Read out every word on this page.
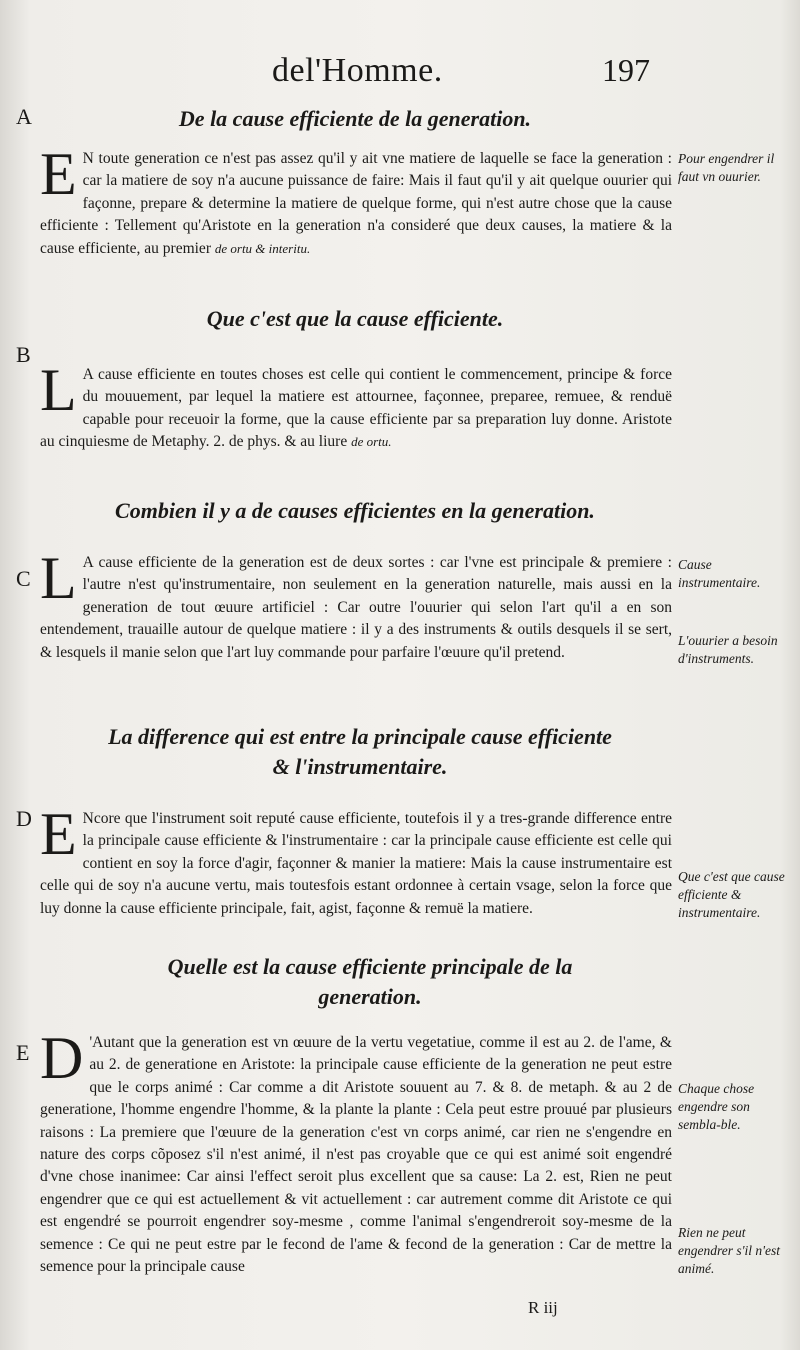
del'Homme.	197
A	De la cause efficiente de la generation.
E N toute generation ce n'est pas assez qu'il y ait vne matiere de laquelle se face la generation : car la matiere de soy n'a aucune puissance de faire: Mais il faut qu'il y ait quelque ouurier qui façonne, prepare & determine la matiere de quelque forme, qui n'est autre chose que la cause efficiente : Tellement qu'Aristote en la generation n'a consideré que deux causes, la matiere & la cause efficiente, au premier de ortu & interitu.
B
Que c'est que la cause efficiente.
L A cause efficiente en toutes choses est celle qui contient le commencement, principe & force du mouuement, par lequel la matiere est attournee, façonnee, preparee, remuee, & renduë capable pour receuoir la forme, que la cause efficiente par sa preparation luy donne. Aristote au cinquiesme de Metaphy. 2. de phys. & au liure de ortu.
C
Combien il y a de causes efficientes en la generation.
L A cause efficiente de la generation est de deux sortes : car l'vne est principale & premiere : l'autre n'est qu'instrumentaire, non seulement en la generation naturelle, mais aussi en la generation de tout œuure artificiel : Car outre l'ouurier qui selon l'art qu'il a en son entendement, trauaille autour de quelque matiere : il y a des instruments & outils desquels il se sert, & lesquels il manie selon que l'art luy commande pour parfaire l'œuure qu'il pretend.
D
La difference qui est entre la principale cause efficiente & l'instrumentaire.
E Ncore que l'instrument soit reputé cause efficiente, toutefois il y a tres-grande difference entre la principale cause efficiente & l'instrumentaire : car la principale cause efficiente est celle qui contient en soy la force d'agir, façonner & manier la matiere: Mais la cause instrumentaire est celle qui de soy n'a aucune vertu, mais toutesfois estant ordonnee à certain vsage, selon la force que luy donne la cause efficiente principale, fait, agist, façonne & remuë la matiere.
E
Quelle est la cause efficiente principale de la generation.
D 'Autant que la generation est vn œuure de la vertu vegetatiue, comme il est au 2. de l'ame, & au 2. de generatione en Aristote: la principale cause efficiente de la generation ne peut estre que le corps animé : Car comme a dit Aristote souuent au 7. & 8. de metaph. & au 2 de generatione, l'homme engendre l'homme, & la plante la plante : Cela peut estre prouué par plusieurs raisons : La premiere que l'œuure de la generation c'est vn corps animé, car rien ne s'engendre en nature des corps cõposez s'il n'est animé, il n'est pas croyable que ce qui est animé soit engendré d'vne chose inanimee: Car ainsi l'effect seroit plus excellent que sa cause: La 2. est, Rien ne peut engendrer que ce qui est actuellement & vit actuellement : car autrement comme dit Aristote ce qui est engendré se pourroit engendrer soy-mesme , comme l'animal s'engendreroit soy-mesme de la semence : Ce qui ne peut estre par le fecond de l'ame & fecond de la generation : Car de mettre la semence pour la principale cause
Pour engendrer il faut vn ouurier.
Cause instrumentaire.
L'ouurier a besoin d'instruments.
Que c'est que cause efficiente & instrumentaire.
Chaque chose engendre son sembla-ble.
Rien ne peut engendrer s'il n'est animé.
R iij
